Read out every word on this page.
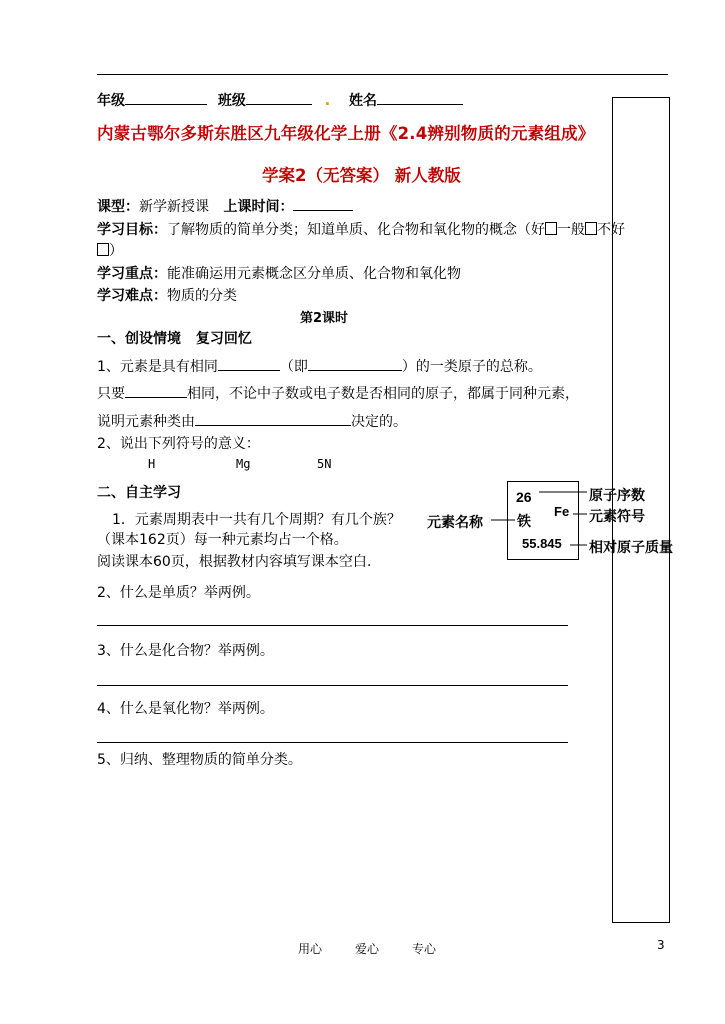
年级	班级	. 姓名
内蒙古鄂尔多斯东胜区九年级化学上册《2.4辨别物质的元素组成》
学案2（无答案） 新人教版
课型：新学新授课 上课时间：
学习目标：了解物质的简单分类；知道单质、化合物和氧化物的概念（好 一般 不好
）
学习重点：能准确运用元素概念区分单质、化合物和氧化物
学习难点：物质的分类
第2课时
一、创设情境 复习回忆
1、元素是具有相同	（即	）的一类原子的总称。
只要	相同，不论中子数或电子数是否相同的原子，都属于同种元素，
说明元素种类由	决定的。
2、说出下列符号的意义：
H	Mg	5N
二、自主学习
1．元素周期表中一共有几个周期？有几个族？
（课本162页）每一种元素均占一个格。
阅读课本60页，根据教材内容填写课本空白.
2、什么是单质？举两例。
3、什么是化合物？举两例。
4、什么是氧化物？举两例。
5、归纳、整理物质的简单分类。
26
Fe
铁
55.845
原子序数
元素符号
元素名称
相对原子质量
用心	爱心	专心	3
